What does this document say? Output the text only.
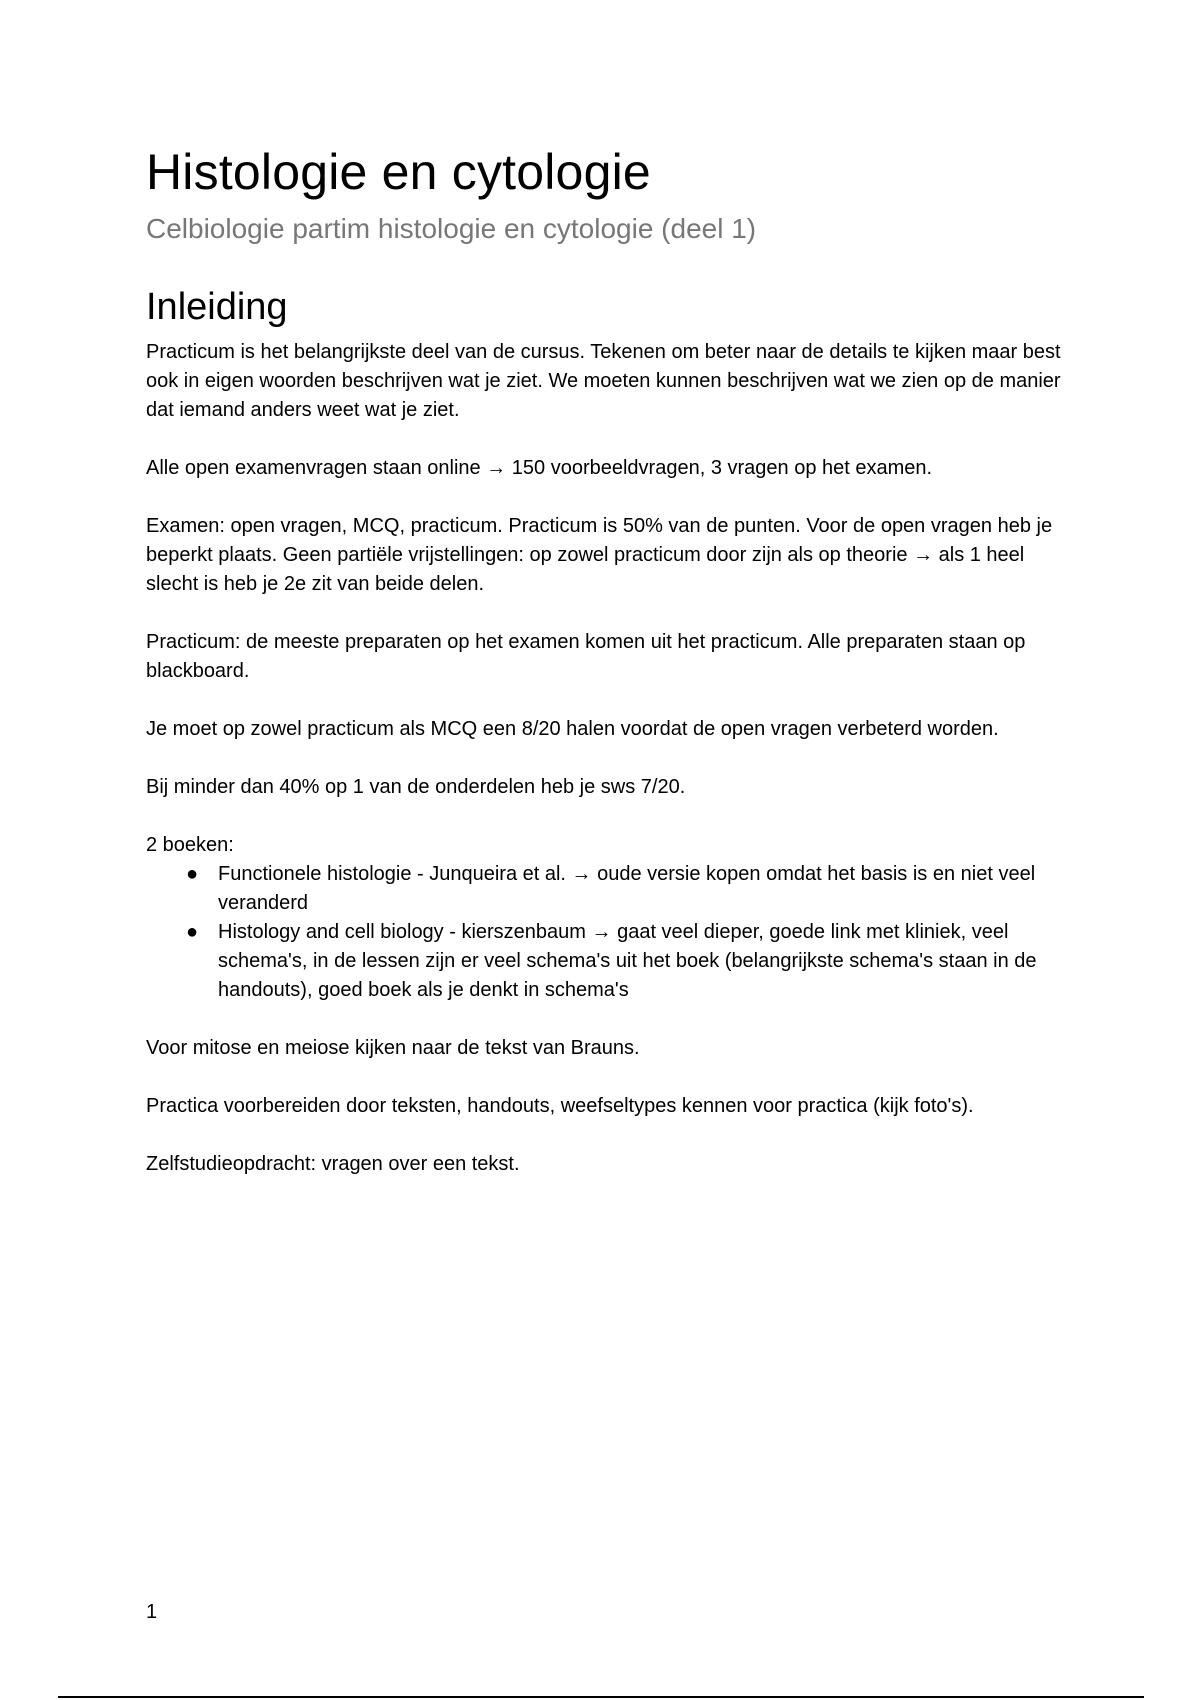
Histologie en cytologie
Celbiologie partim histologie en cytologie (deel 1)
Inleiding

Practicum is het belangrijkste deel van de cursus. Tekenen om beter naar de details te kijken maar best ook in eigen woorden beschrijven wat je ziet. We moeten kunnen beschrijven wat we zien op de manier dat iemand anders weet wat je ziet.

Alle open examenvragen staan online → 150 voorbeeldvragen, 3 vragen op het examen.

Examen: open vragen, MCQ, practicum. Practicum is 50% van de punten. Voor de open vragen heb je beperkt plaats. Geen partiële vrijstellingen: op zowel practicum door zijn als op theorie → als 1 heel slecht is heb je 2e zit van beide delen.

Practicum: de meeste preparaten op het examen komen uit het practicum. Alle preparaten staan op blackboard.

Je moet op zowel practicum als MCQ een 8/20 halen voordat de open vragen verbeterd worden.

Bij minder dan 40% op 1 van de onderdelen heb je sws 7/20.

2 boeken:

● Functionele histologie - Junqueira et al. → oude versie kopen omdat het basis is en niet veel veranderd
● Histology and cell biology - kierszenbaum → gaat veel dieper, goede link met kliniek, veel schema's, in de lessen zijn er veel schema's uit het boek (belangrijkste schema's staan in de handouts), goed boek als je denkt in schema's

Voor mitose en meiose kijken naar de tekst van Brauns.

Practica voorbereiden door teksten, handouts, weefseltypes kennen voor practica (kijk foto's).

Zelfstudieopdracht: vragen over een tekst.

1
